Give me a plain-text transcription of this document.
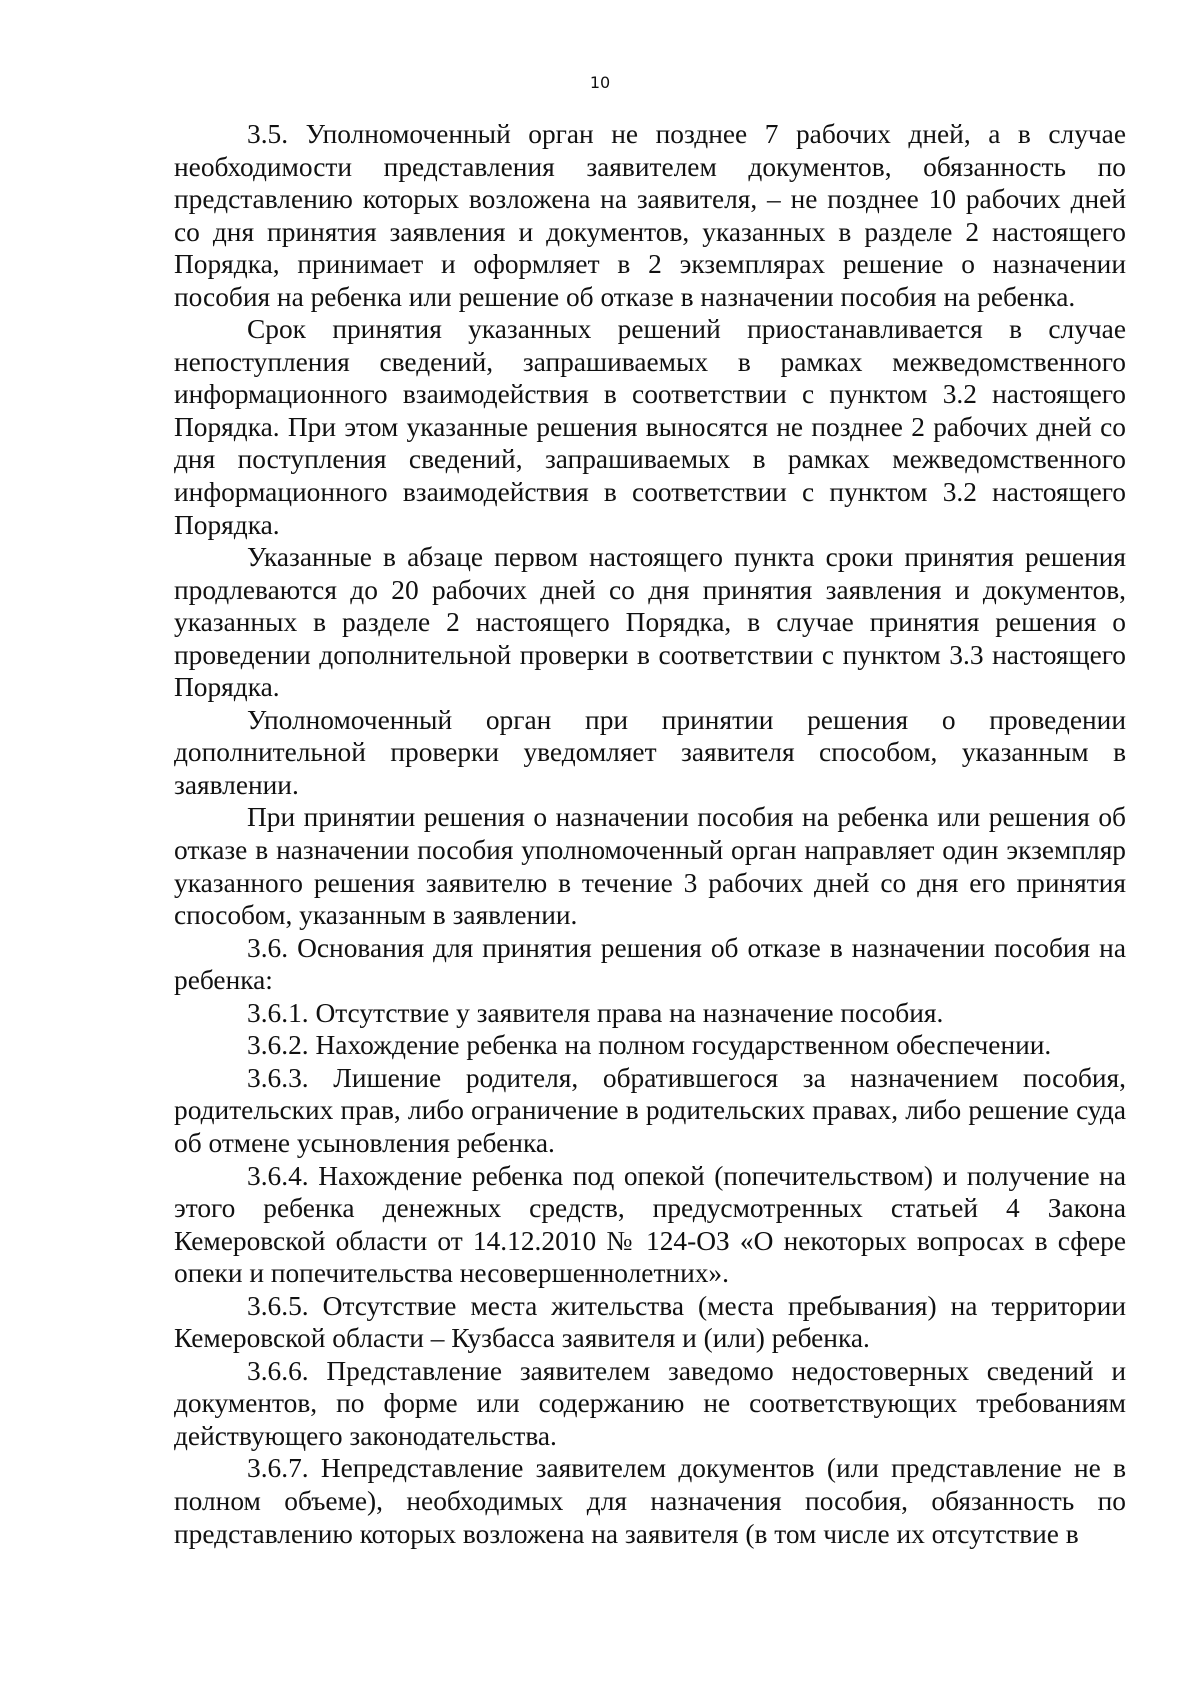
10

3.5. Уполномоченный орган не позднее 7 рабочих дней, а в случае необходимости представления заявителем документов, обязанность по представлению которых возложена на заявителя, – не позднее 10 рабочих дней со дня принятия заявления и документов, указанных в разделе 2 настоящего Порядка, принимает и оформляет в 2 экземплярах решение о назначении пособия на ребенка или решение об отказе в назначении пособия на ребенка.

Срок принятия указанных решений приостанавливается в случае непоступления сведений, запрашиваемых в рамках межведомственного информационного взаимодействия в соответствии с пунктом 3.2 настоящего Порядка. При этом указанные решения выносятся не позднее 2 рабочих дней со дня поступления сведений, запрашиваемых в рамках межведомственного информационного взаимодействия в соответствии с пунктом 3.2 настоящего Порядка.

Указанные в абзаце первом настоящего пункта сроки принятия решения продлеваются до 20 рабочих дней со дня принятия заявления и документов, указанных в разделе 2 настоящего Порядка, в случае принятия решения о проведении дополнительной проверки в соответствии с пунктом 3.3 настоящего Порядка.

Уполномоченный орган при принятии решения о проведении дополнительной проверки уведомляет заявителя способом, указанным в заявлении.

При принятии решения о назначении пособия на ребенка или решения об отказе в назначении пособия уполномоченный орган направляет один экземпляр указанного решения заявителю в течение 3 рабочих дней со дня его принятия способом, указанным в заявлении.

3.6. Основания для принятия решения об отказе в назначении пособия на ребенка:

3.6.1. Отсутствие у заявителя права на назначение пособия.

3.6.2. Нахождение ребенка на полном государственном обеспечении.

3.6.3. Лишение родителя, обратившегося за назначением пособия, родительских прав, либо ограничение в родительских правах, либо решение суда об отмене усыновления ребенка.

3.6.4. Нахождение ребенка под опекой (попечительством) и получение на этого ребенка денежных средств, предусмотренных статьей 4 Закона Кемеровской области от 14.12.2010 № 124-ОЗ «О некоторых вопросах в сфере опеки и попечительства несовершеннолетних».

3.6.5. Отсутствие места жительства (места пребывания) на территории Кемеровской области – Кузбасса заявителя и (или) ребенка.

3.6.6. Представление заявителем заведомо недостоверных сведений и документов, по форме или содержанию не соответствующих требованиям действующего законодательства.

3.6.7. Непредставление заявителем документов (или представление не в полном объеме), необходимых для назначения пособия, обязанность по представлению которых возложена на заявителя (в том числе их отсутствие в
